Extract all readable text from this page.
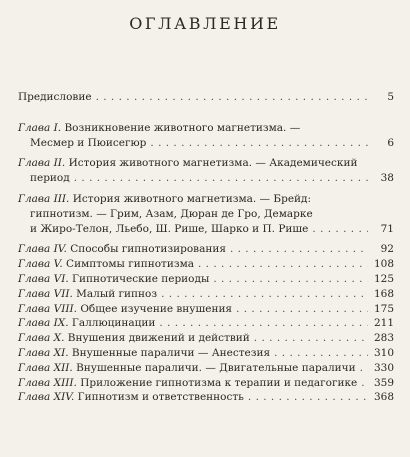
ОГЛАВЛЕНИЕ
Предисловие . . .	5
Глава I. Возникновение животного магнетизма. —
Месмер и Пюисегюр . . .	6
Глава II. История животного магнетизма. — Академический
период . . .	38
Глава III. История животного магнетизма. — Брейд:
гипнотизм. — Грим, Азам, Дюран де Гро, Демарке
и Жиро-Телон, Льебо, Ш. Рише, Шарко и П. Рише . . .	71
Глава IV. Способы гипнотизирования . . .	92
Глава V. Симптомы гипнотизма . . .	108
Глава VI. Гипнотические периоды . . .	125
Глава VII. Малый гипноз . . .	168
Глава VIII. Общее изучение внушения . . .	175
Глава IX. Галлюцинации . . .	211
Глава X. Внушения движений и действий . . .	283
Глава XI. Внушенные параличи — Анестезия . . .	310
Глава XII. Внушенные параличи. — Двигательные параличи . . . 330
Глава XIII. Приложение гипнотизма к терапии и педагогике . . . 359
Глава XIV. Гипнотизм и ответственность . . .	368
